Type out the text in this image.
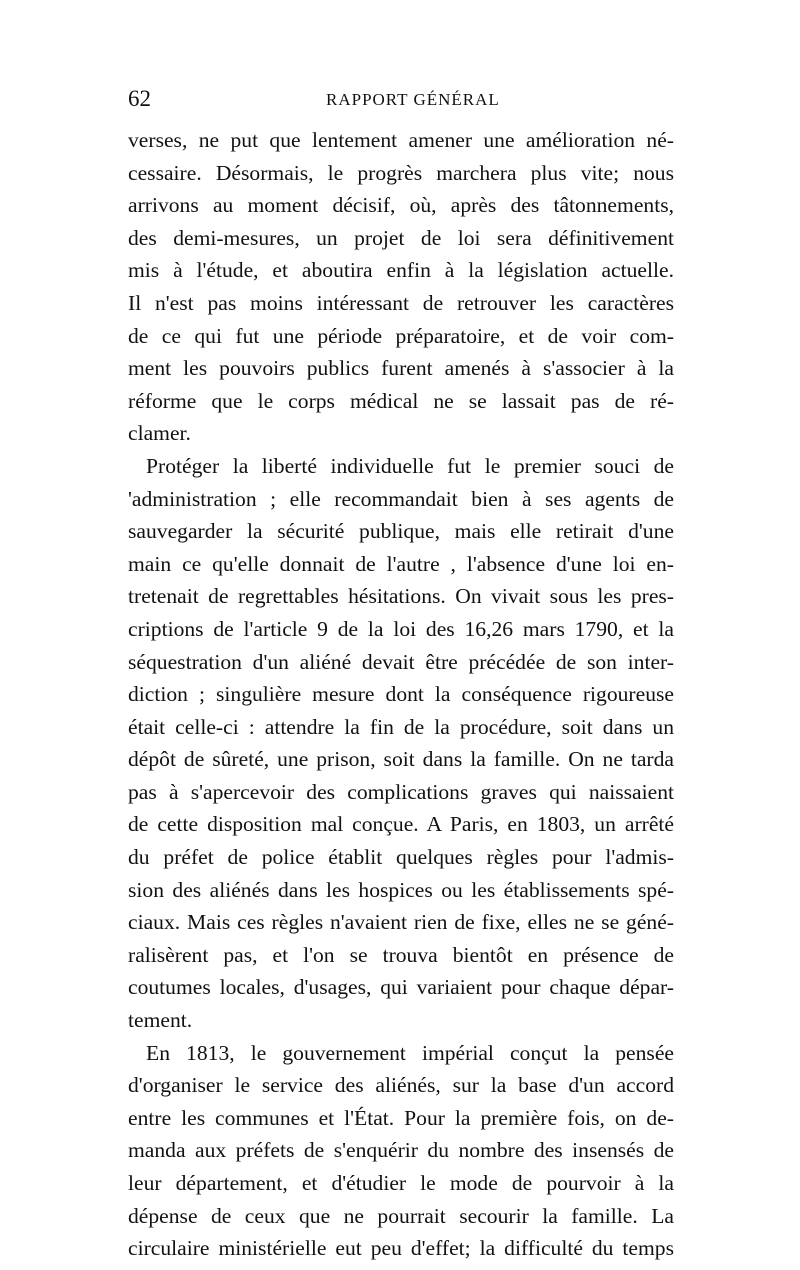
62	RAPPORT GÉNÉRAL
verses, ne put que lentement amener une amélioration né-
cessaire. Désormais, le progrès marchera plus vite; nous
arrivons au moment décisif, où, après des tâtonnements,
des demi-mesures, un projet de loi sera définitivement
mis à l'étude, et aboutira enfin à la législation actuelle.
Il n'est pas moins intéressant de retrouver les caractères
de ce qui fut une période préparatoire, et de voir com-
ment les pouvoirs publics furent amenés à s'associer à la
réforme que le corps médical ne se lassait pas de ré-
clamer.
Protéger la liberté individuelle fut le premier souci de
'administration ; elle recommandait bien à ses agents de
sauvegarder la sécurité publique, mais elle retirait d'une
main ce qu'elle donnait de l'autre , l'absence d'une loi en-
tretenait de regrettables hésitations. On vivait sous les pres-
criptions de l'article 9 de la loi des 16,26 mars 1790, et la
séquestration d'un aliéné devait être précédée de son inter-
diction ; singulière mesure dont la conséquence rigoureuse
était celle-ci : attendre la fin de la procédure, soit dans un
dépôt de sûreté, une prison, soit dans la famille. On ne tarda
pas à s'apercevoir des complications graves qui naissaient
de cette disposition mal conçue. A Paris, en 1803, un arrêté
du préfet de police établit quelques règles pour l'admis-
sion des aliénés dans les hospices ou les établissements spé-
ciaux. Mais ces règles n'avaient rien de fixe, elles ne se géné-
ralisèrent pas, et l'on se trouva bientôt en présence de
coutumes locales, d'usages, qui variaient pour chaque dépar-
tement.
En 1813, le gouvernement impérial conçut la pensée
d'organiser le service des aliénés, sur la base d'un accord
entre les communes et l'État. Pour la première fois, on de-
manda aux préfets de s'enquérir du nombre des insensés de
leur département, et d'étudier le mode de pourvoir à la
dépense de ceux que ne pourrait secourir la famille. La
circulaire ministérielle eut peu d'effet; la difficulté du temps
